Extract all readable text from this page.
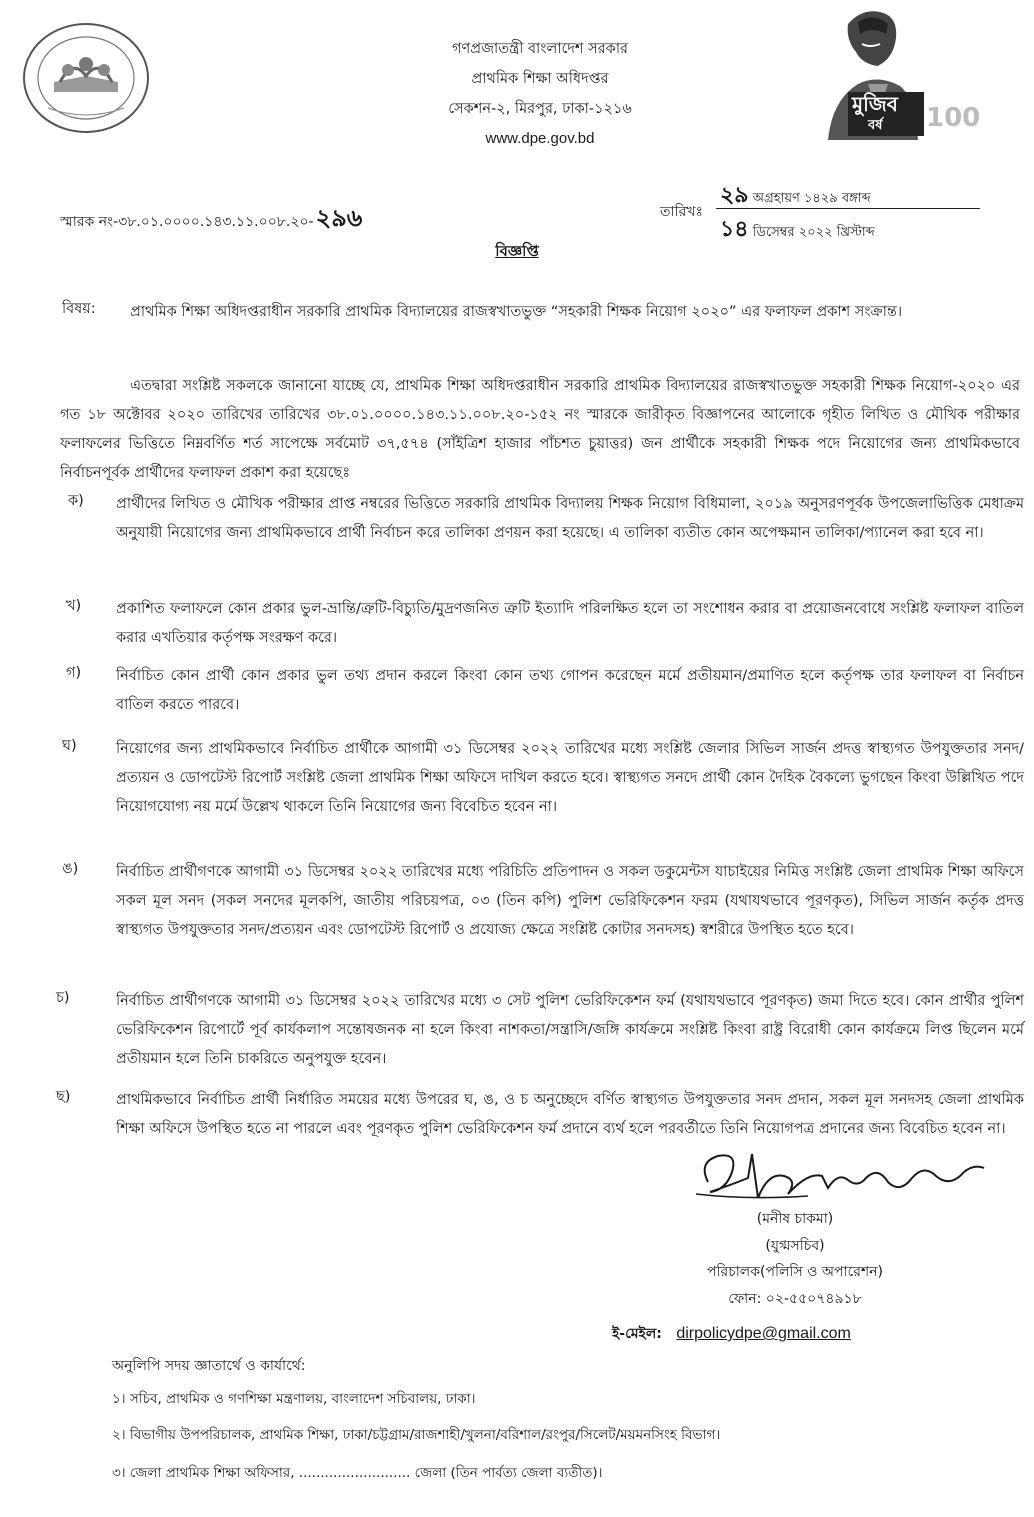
গণপ্রজাতন্ত্রী বাংলাদেশ সরকার
প্রাথমিক শিক্ষা অধিদপ্তর
সেকশন-২, মিরপুর, ঢাকা-১২১৬
www.dpe.gov.bd
মুজিব
বর্ষ 100
স্মারক নং-৩৮.০১.০০০০.১৪৩.১১.০০৮.২০-২৯৬	তারিখঃ
২৯ অগ্রহায়ণ ১৪২৯ বঙ্গাব্দ
১৪ ডিসেম্বর ২০২২ খ্রিস্টাব্দ
বিজ্ঞপ্তি
বিষয়: প্রাথমিক শিক্ষা অধিদপ্তরাধীন সরকারি প্রাথমিক বিদ্যালয়ের রাজস্বখাতভুক্ত “সহকারী শিক্ষক নিয়োগ ২০২০” এর ফলাফল প্রকাশ সংক্রান্ত।
এতদ্বারা সংশ্লিষ্ট সকলকে জানানো যাচ্ছে যে, প্রাথমিক শিক্ষা অধিদপ্তরাধীন সরকারি প্রাথমিক বিদ্যালয়ের রাজস্বখাতভুক্ত সহকারী শিক্ষক নিয়োগ-২০২০ এর গত ১৮ অক্টোবর ২০২০ তারিখের তারিখের ৩৮.০১.০০০০.১৪৩.১১.০০৮.২০-১৫২ নং স্মারকে জারীকৃত বিজ্ঞাপনের আলোকে গৃহীত লিখিত ও মৌখিক পরীক্ষার ফলাফলের ভিত্তিতে নিম্নবর্ণিত শর্ত সাপেক্ষে সর্বমোট ৩৭,৫৭৪ (সাঁইত্রিশ হাজার পাঁচশত চুয়াত্তর) জন প্রার্থীকে সহকারী শিক্ষক পদে নিয়োগের জন্য প্রাথমিকভাবে নির্বাচনপূর্বক প্রার্থীদের ফলাফল প্রকাশ করা হয়েছেঃ
ক) প্রার্থীদের লিখিত ও মৌখিক পরীক্ষার প্রাপ্ত নম্বরের ভিত্তিতে সরকারি প্রাথমিক বিদ্যালয় শিক্ষক নিয়োগ বিধিমালা, ২০১৯ অনুসরণপূর্বক উপজেলাভিত্তিক মেধাক্রম অনুযায়ী নিয়োগের জন্য প্রাথমিকভাবে প্রার্থী নির্বাচন করে তালিকা প্রণয়ন করা হয়েছে। এ তালিকা ব্যতীত কোন অপেক্ষমান তালিকা/প্যানেল করা হবে না।
খ) প্রকাশিত ফলাফলে কোন প্রকার ভুল-ভ্রান্তি/ত্রুটি-বিচ্যুতি/মুদ্রণজনিত ত্রুটি ইত্যাদি পরিলক্ষিত হলে তা সংশোধন করার বা প্রয়োজনবোধে সংশ্লিষ্ট ফলাফল বাতিল করার এখতিয়ার কর্তৃপক্ষ সংরক্ষণ করে।
গ) নির্বাচিত কোন প্রার্থী কোন প্রকার ভুল তথ্য প্রদান করলে কিংবা কোন তথ্য গোপন করেছেন মর্মে প্রতীয়মান/প্রমাণিত হলে কর্তৃপক্ষ তার ফলাফল বা নির্বাচন বাতিল করতে পারবে।
ঘ)	নিয়োগের জন্য প্রাথমিকভাবে নির্বাচিত প্রার্থীকে আগামী ৩১ ডিসেম্বর ২০২২ তারিখের মধ্যে সংশ্লিষ্ট জেলার সিভিল সার্জন প্রদত্ত স্বাস্থ্যগত উপযুক্ততার সনদ/প্রত্যয়ন ও ডোপটেস্ট রিপোর্ট সংশ্লিষ্ট জেলা প্রাথমিক শিক্ষা অফিসে দাখিল করতে হবে। স্বাস্থ্যগত সনদে প্রার্থী কোন দৈহিক বৈকল্যে ভুগছেন কিংবা উল্লিখিত পদে নিয়োগযোগ্য নয় মর্মে উল্লেখ থাকলে তিনি নিয়োগের জন্য বিবেচিত হবেন না।
ঙ)	নির্বাচিত প্রার্থীগণকে আগামী ৩১ ডিসেম্বর ২০২২ তারিখের মধ্যে পরিচিতি প্রতিপাদন ও সকল ডকুমেন্টস যাচাইয়ের নিমিত্ত সংশ্লিষ্ট জেলা প্রাথমিক শিক্ষা অফিসে সকল মূল সনদ (সকল সনদের মূলকপি, জাতীয় পরিচয়পত্র, ০৩ (তিন কপি) পুলিশ ভেরিফিকেশন ফরম (যথাযথভাবে পূরণকৃত), সিভিল সার্জন কর্তৃক প্রদত্ত স্বাস্থ্যগত উপযুক্ততার সনদ/প্রত্যয়ন এবং ডোপটেস্ট রিপোর্ট ও প্রযোজ্য ক্ষেত্রে সংশ্লিষ্ট কোটার সনদসহ) স্বশরীরে উপস্থিত হতে হবে।
চ)	নির্বাচিত প্রার্থীগণকে আগামী ৩১ ডিসেম্বর ২০২২ তারিখের মধ্যে ৩ সেট পুলিশ ভেরিফিকেশন ফর্ম (যথাযথভাবে পূরণকৃত) জমা দিতে হবে। কোন প্রার্থীর পুলিশ ভেরিফিকেশন রিপোর্টে পূর্ব কার্যকলাপ সন্তোষজনক না হলে কিংবা নাশকতা/সন্ত্রাসি/জঙ্গি কার্যক্রমে সংশ্লিষ্ট কিংবা রাষ্ট্র বিরোধী কোন কার্যক্রমে লিপ্ত ছিলেন মর্মে প্রতীয়মান হলে তিনি চাকরিতে অনুপযুক্ত হবেন।
ছ)	প্রাথমিকভাবে নির্বাচিত প্রার্থী নির্ধারিত সময়ের মধ্যে উপরের ঘ, ঙ, ও চ অনুচ্ছেদে বর্ণিত স্বাস্থ্যগত উপযুক্ততার সনদ প্রদান, সকল মূল সনদসহ জেলা প্রাথমিক শিক্ষা অফিসে উপস্থিত হতে না পারলে এবং পূরণকৃত পুলিশ ভেরিফিকেশন ফর্ম প্রদানে ব্যর্থ হলে পরবর্তীতে তিনি নিয়োগপত্র প্রদানের জন্য বিবেচিত হবেন না।
(মনীষ চাকমা)
(যুগ্মসচিব)
পরিচালক(পলিসি ও অপারেশন)
ফোন: ০২-৫৫০৭৪৯১৮
ই-মেইল: dirpolicydpe@gmail.com
অনুলিপি সদয় জ্ঞাতার্থে ও কার্যার্থে:
১। সচিব, প্রাথমিক ও গণশিক্ষা মন্ত্রণালয়, বাংলাদেশ সচিবালয়, ঢাকা।
২। বিভাগীয় উপপরিচালক, প্রাথমিক শিক্ষা, ঢাকা/চট্টগ্রাম/রাজশাহী/খুলনা/বরিশাল/রংপুর/সিলেট/ময়মনসিংহ বিভাগ।
৩। জেলা প্রাথমিক শিক্ষা অফিসার, .......................... জেলা (তিন পার্বত্য জেলা ব্যতীত)।
